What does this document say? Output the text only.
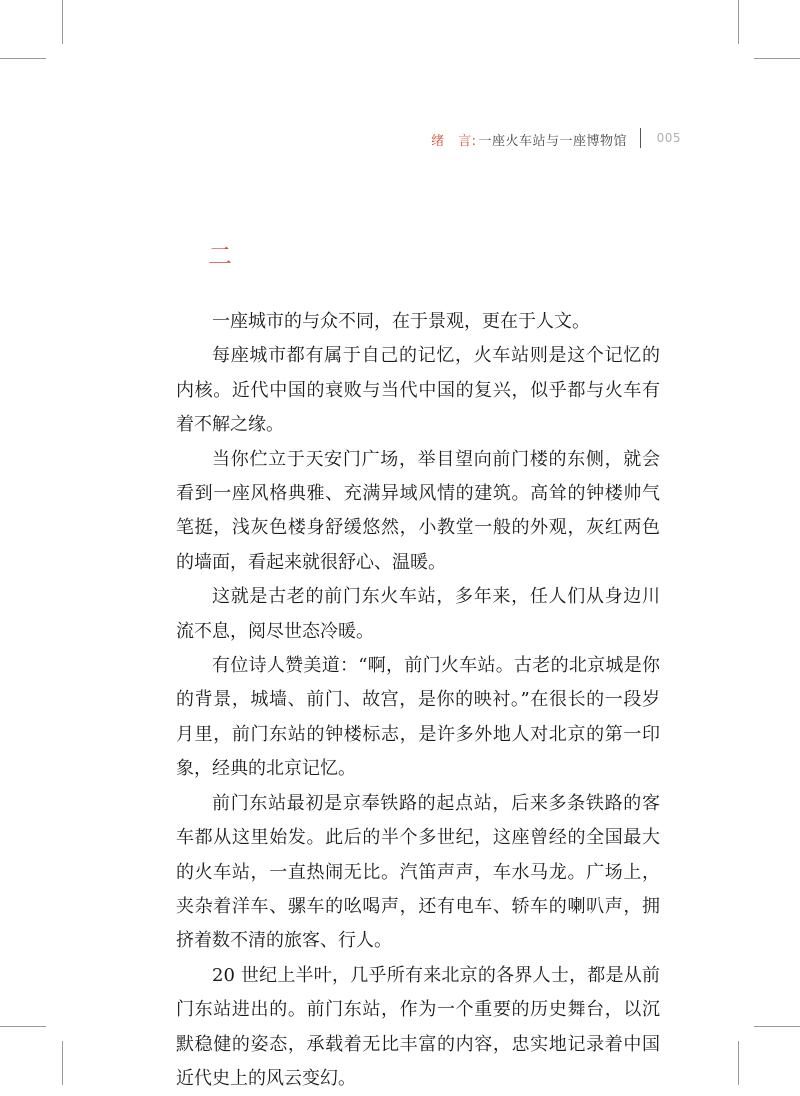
绪　言: 一座火车站与一座博物馆 005
二

一座城市的与众不同，在于景观，更在于人文。

每座城市都有属于自己的记忆，火车站则是这个记忆的内核。近代中国的衰败与当代中国的复兴，似乎都与火车有着不解之缘。

当你伫立于天安门广场，举目望向前门楼的东侧，就会看到一座风格典雅、充满异域风情的建筑。高耸的钟楼帅气笔挺，浅灰色楼身舒缓悠然，小教堂一般的外观，灰红两色的墙面，看起来就很舒心、温暖。

这就是古老的前门东火车站，多年来，任人们从身边川流不息，阅尽世态冷暖。

有位诗人赞美道：“啊，前门火车站。古老的北京城是你的背景，城墙、前门、故宫，是你的映衬。”在很长的一段岁月里，前门东站的钟楼标志，是许多外地人对北京的第一印象，经典的北京记忆。

前门东站最初是京奉铁路的起点站，后来多条铁路的客车都从这里始发。此后的半个多世纪，这座曾经的全国最大的火车站，一直热闹无比。汽笛声声，车水马龙。广场上，夹杂着洋车、骡车的吆喝声，还有电车、轿车的喇叭声，拥挤着数不清的旅客、行人。

20 世纪上半叶，几乎所有来北京的各界人士，都是从前门东站进出的。前门东站，作为一个重要的历史舞台，以沉默稳健的姿态，承载着无比丰富的内容，忠实地记录着中国近代史上的风云变幻。
